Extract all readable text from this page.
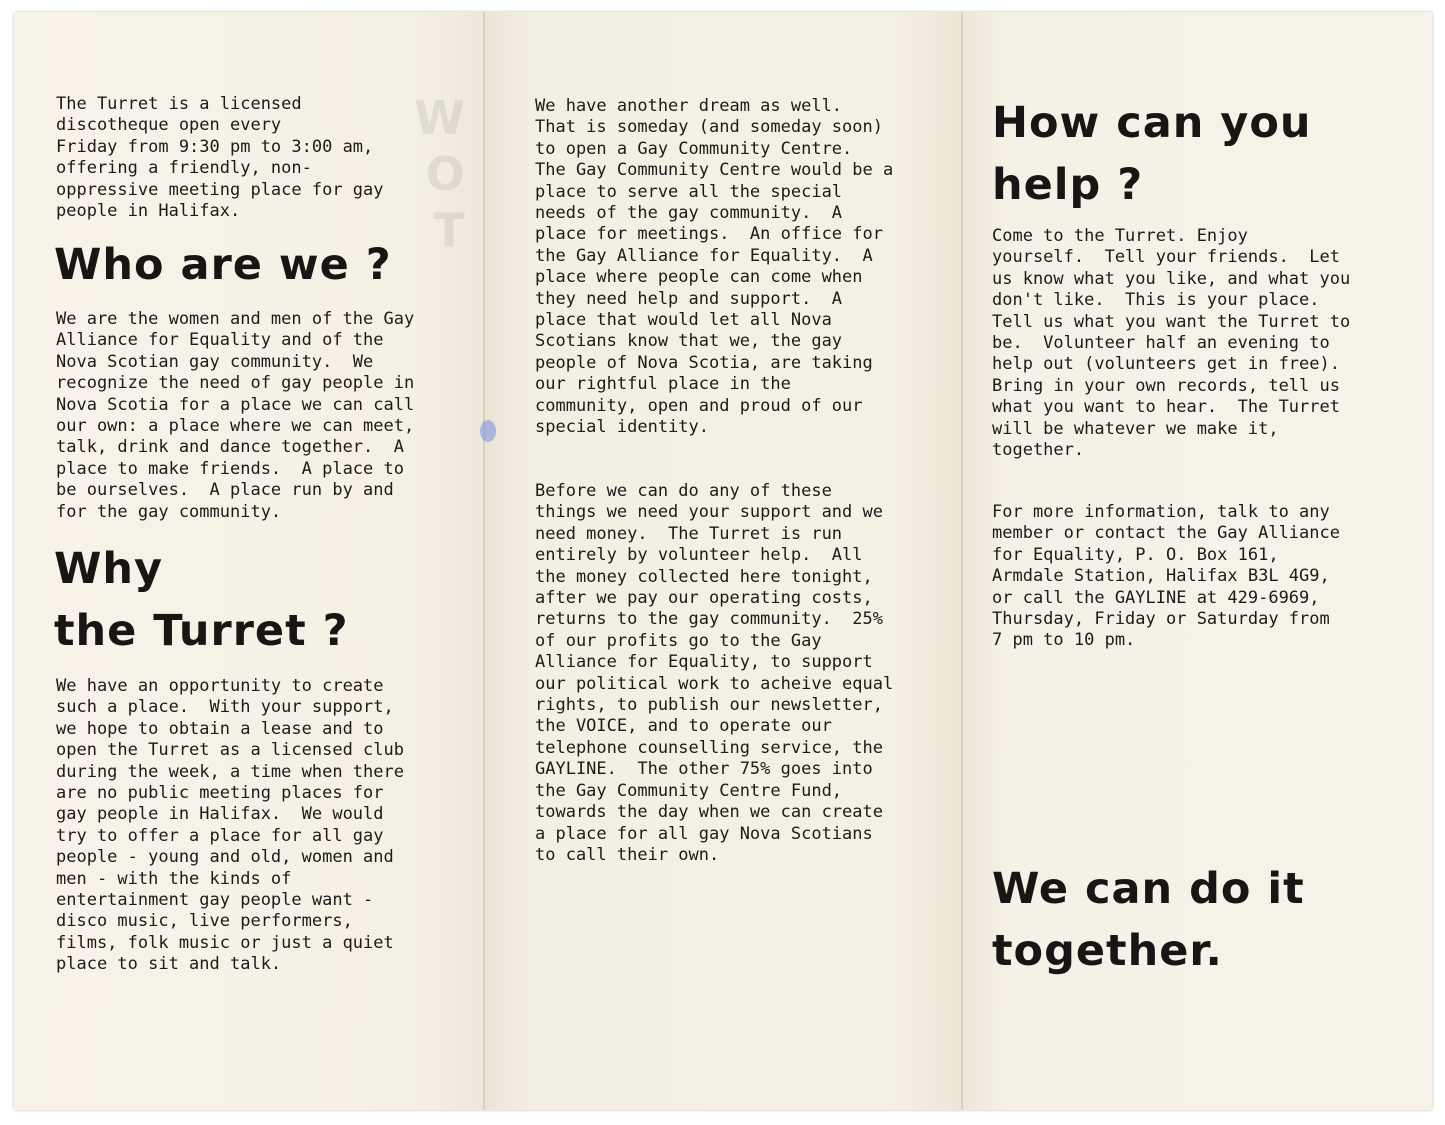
W
O
T

The Turret is a licensed
discotheque open every
Friday from 9:30 pm to 3:00 am,
offering a friendly, non-
oppressive meeting place for gay
people in Halifax.

Who are we ?

We are the women and men of the Gay
Alliance for Equality and of the
Nova Scotian gay community.  We
recognize the need of gay people in
Nova Scotia for a place we can call
our own: a place where we can meet,
talk, drink and dance together.  A
place to make friends.  A place to
be ourselves.  A place run by and
for the gay community.

Why
the Turret ?

We have an opportunity to create
such a place.  With your support,
we hope to obtain a lease and to
open the Turret as a licensed club
during the week, a time when there
are no public meeting places for
gay people in Halifax.  We would
try to offer a place for all gay
people - young and old, women and
men - with the kinds of
entertainment gay people want -
disco music, live performers,
films, folk music or just a quiet
place to sit and talk.

We have another dream as well.
That is someday (and someday soon)
to open a Gay Community Centre.
The Gay Community Centre would be a
place to serve all the special
needs of the gay community.  A
place for meetings.  An office for
the Gay Alliance for Equality.  A
place where people can come when
they need help and support.  A
place that would let all Nova
Scotians know that we, the gay
people of Nova Scotia, are taking
our rightful place in the
community, open and proud of our
special identity.

Before we can do any of these
things we need your support and we
need money.  The Turret is run
entirely by volunteer help.  All
the money collected here tonight,
after we pay our operating costs,
returns to the gay community.  25%
of our profits go to the Gay
Alliance for Equality, to support
our political work to acheive equal
rights, to publish our newsletter,
the VOICE, and to operate our
telephone counselling service, the
GAYLINE.  The other 75% goes into
the Gay Community Centre Fund,
towards the day when we can create
a place for all gay Nova Scotians
to call their own.

How can you
help ?

Come to the Turret. Enjoy
yourself.  Tell your friends.  Let
us know what you like, and what you
don't like.  This is your place.
Tell us what you want the Turret to
be.  Volunteer half an evening to
help out (volunteers get in free).
Bring in your own records, tell us
what you want to hear.  The Turret
will be whatever we make it,
together.

For more information, talk to any
member or contact the Gay Alliance
for Equality, P. O. Box 161,
Armdale Station, Halifax B3L 4G9,
or call the GAYLINE at 429-6969,
Thursday, Friday or Saturday from
7 pm to 10 pm.

We can do it
together.
